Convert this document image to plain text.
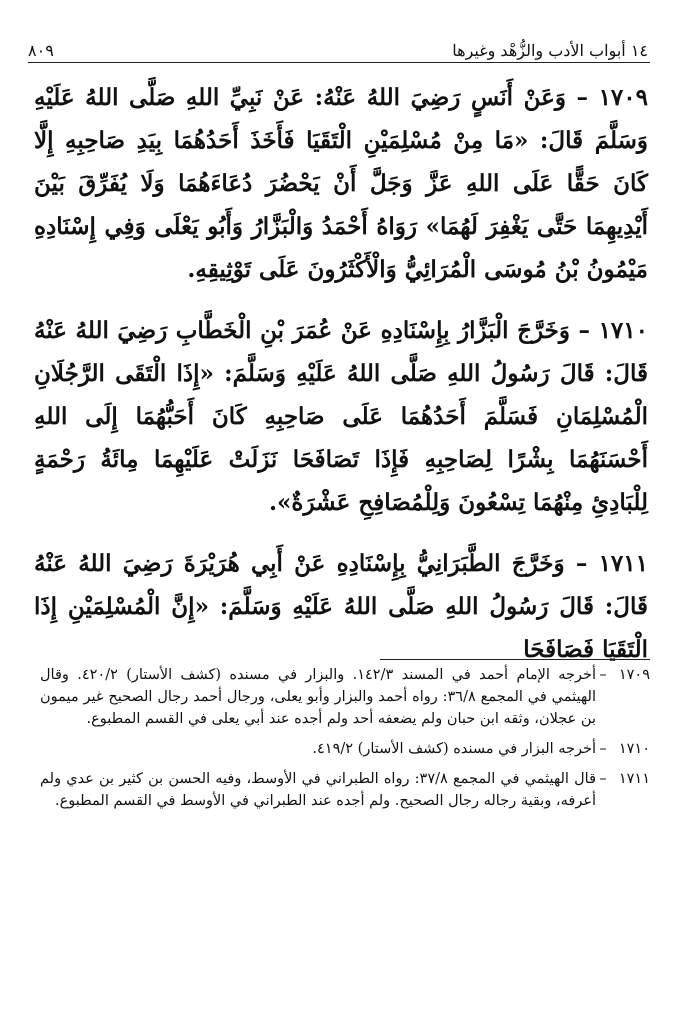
١٤ أبواب الأدب والزُّهْد وغيرها
٨٠٩

١٧٠٩ – وَعَنْ أَنَسٍ رَضِيَ اللهُ عَنْهُ: عَنْ نَبِيِّ اللهِ صَلَّى اللهُ عَلَيْهِ وَسَلَّمَ قَالَ: «مَا مِنْ مُسْلِمَيْنِ الْتَقَيَا فَأَخَذَ أَحَدُهُمَا بِيَدِ صَاحِبِهِ إِلَّا كَانَ حَقًّا عَلَى اللهِ عَزَّ وَجَلَّ أَنْ يَحْضُرَ دُعَاءَهُمَا وَلَا يُفَرِّقَ بَيْنَ أَيْدِيهِمَا حَتَّى يَغْفِرَ لَهُمَا» رَوَاهُ أَحْمَدُ وَالْبَزَّارُ وَأَبُو يَعْلَى وَفِي إِسْنَادِهِ مَيْمُونُ بْنُ مُوسَى الْمُرَائِيُّ وَالْأَكْثَرُونَ عَلَى تَوْثِيقِهِ.

١٧١٠ – وَخَرَّجَ الْبَزَّارُ بِإِسْنَادِهِ عَنْ عُمَرَ بْنِ الْخَطَّابِ رَضِيَ اللهُ عَنْهُ قَالَ: قَالَ رَسُولُ اللهِ صَلَّى اللهُ عَلَيْهِ وَسَلَّمَ: «إِذَا الْتَقَى الرَّجُلَانِ الْمُسْلِمَانِ فَسَلَّمَ أَحَدُهُمَا عَلَى صَاحِبِهِ كَانَ أَحَبُّهُمَا إِلَى اللهِ أَحْسَنَهُمَا بِشْرًا لِصَاحِبِهِ فَإِذَا تَصَافَحَا نَزَلَتْ عَلَيْهِمَا مِائَةُ رَحْمَةٍ لِلْبَادِئِ مِنْهُمَا تِسْعُونَ وَلِلْمُصَافِحِ عَشْرَةٌ».

١٧١١ – وَخَرَّجَ الطَّبَرَانِيُّ بِإِسْنَادِهِ عَنْ أَبِي هُرَيْرَةَ رَضِيَ اللهُ عَنْهُ قَالَ: قَالَ رَسُولُ اللهِ صَلَّى اللهُ عَلَيْهِ وَسَلَّمَ: «إِنَّ الْمُسْلِمَيْنِ إِذَا الْتَقَيَا فَصَافَحَا

١٧٠٩
–
أخرجه الإمام أحمد في المسند ١٤٢/٣. والبزار في مسنده (كشف الأستار) ٤٢٠/٢. وقال الهيثمي في المجمع ٣٦/٨: رواه أحمد والبزار وأبو يعلى، ورجال أحمد رجال الصحيح غير ميمون بن عجلان، وثقه ابن حبان ولم يضعفه أحد ولم أجده عند أبي يعلى في القسم المطبوع.
١٧١٠
–
أخرجه البزار في مسنده (كشف الأستار) ٤١٩/٢.
١٧١١
–
قال الهيثمي في المجمع ٣٧/٨: رواه الطبراني في الأوسط، وفيه الحسن بن كثير بن عدي ولم أعرفه، وبقية رجاله رجال الصحيح. ولم أجده عند الطبراني في الأوسط في القسم المطبوع.
